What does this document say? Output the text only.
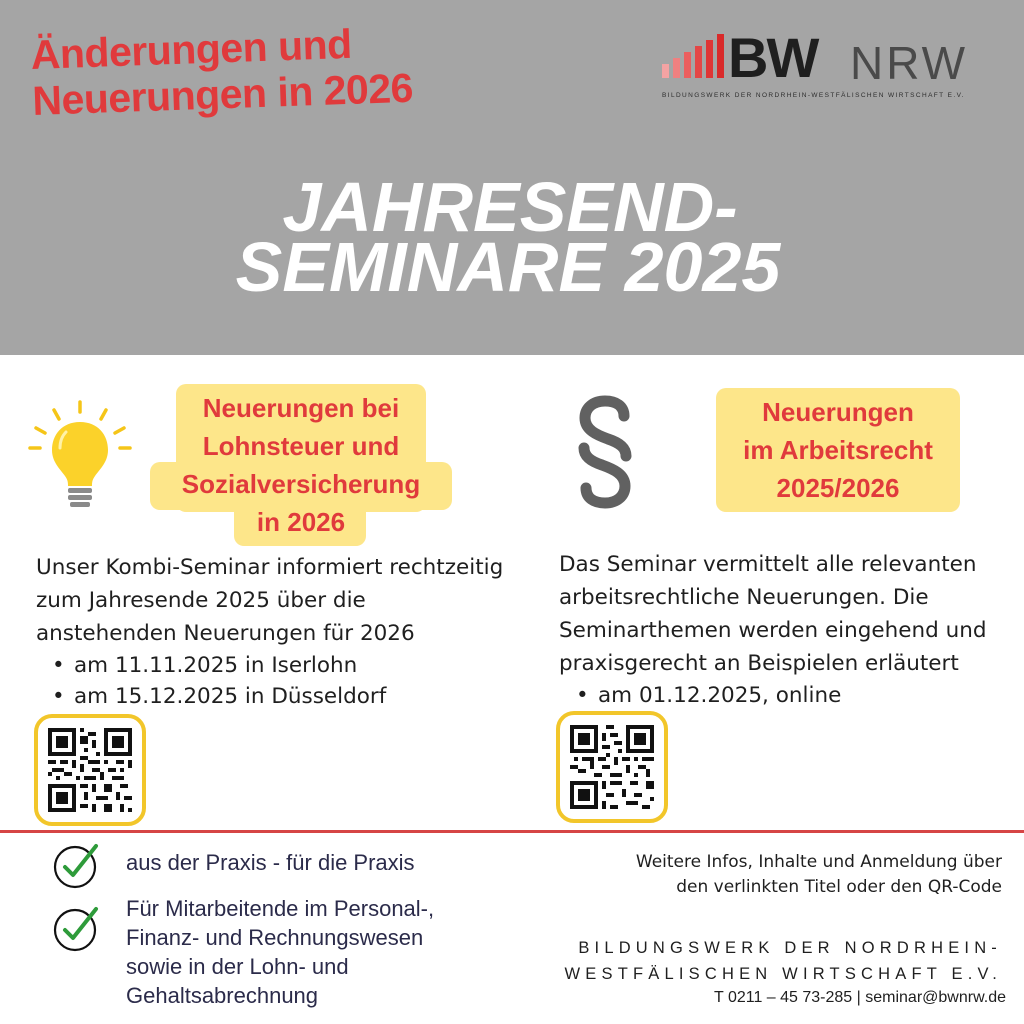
Änderungen und
Neuerungen in 2026
BW NRW
BILDUNGSWERK DER NORDRHEIN-WESTFÄLISCHEN WIRTSCHAFT E.V.
JAHRESEND-
SEMINARE 2025
Neuerungen bei
Lohnsteuer und
Sozialversicherung
in 2026
Unser Kombi-Seminar informiert rechtzeitig
zum Jahresende 2025 über die
anstehenden Neuerungen für 2026
• am 11.11.2025 in Iserlohn
• am 15.12.2025 in Düsseldorf
Neuerungen
im Arbeitsrecht
2025/2026
Das Seminar vermittelt alle relevanten
arbeitsrechtliche Neuerungen. Die
Seminarthemen werden eingehend und
praxisgerecht an Beispielen erläutert
• am 01.12.2025, online
aus der Praxis - für die Praxis
Für Mitarbeitende im Personal-,
Finanz- und Rechnungswesen
sowie in der Lohn- und
Gehaltsabrechnung
Weitere Infos, Inhalte und Anmeldung über
den verlinkten Titel oder den QR-Code
BILDUNGSWERK DER NORDRHEIN-
WESTFÄLISCHEN WIRTSCHAFT E.V.
T 0211 – 45 73-285 | seminar@bwnrw.de
